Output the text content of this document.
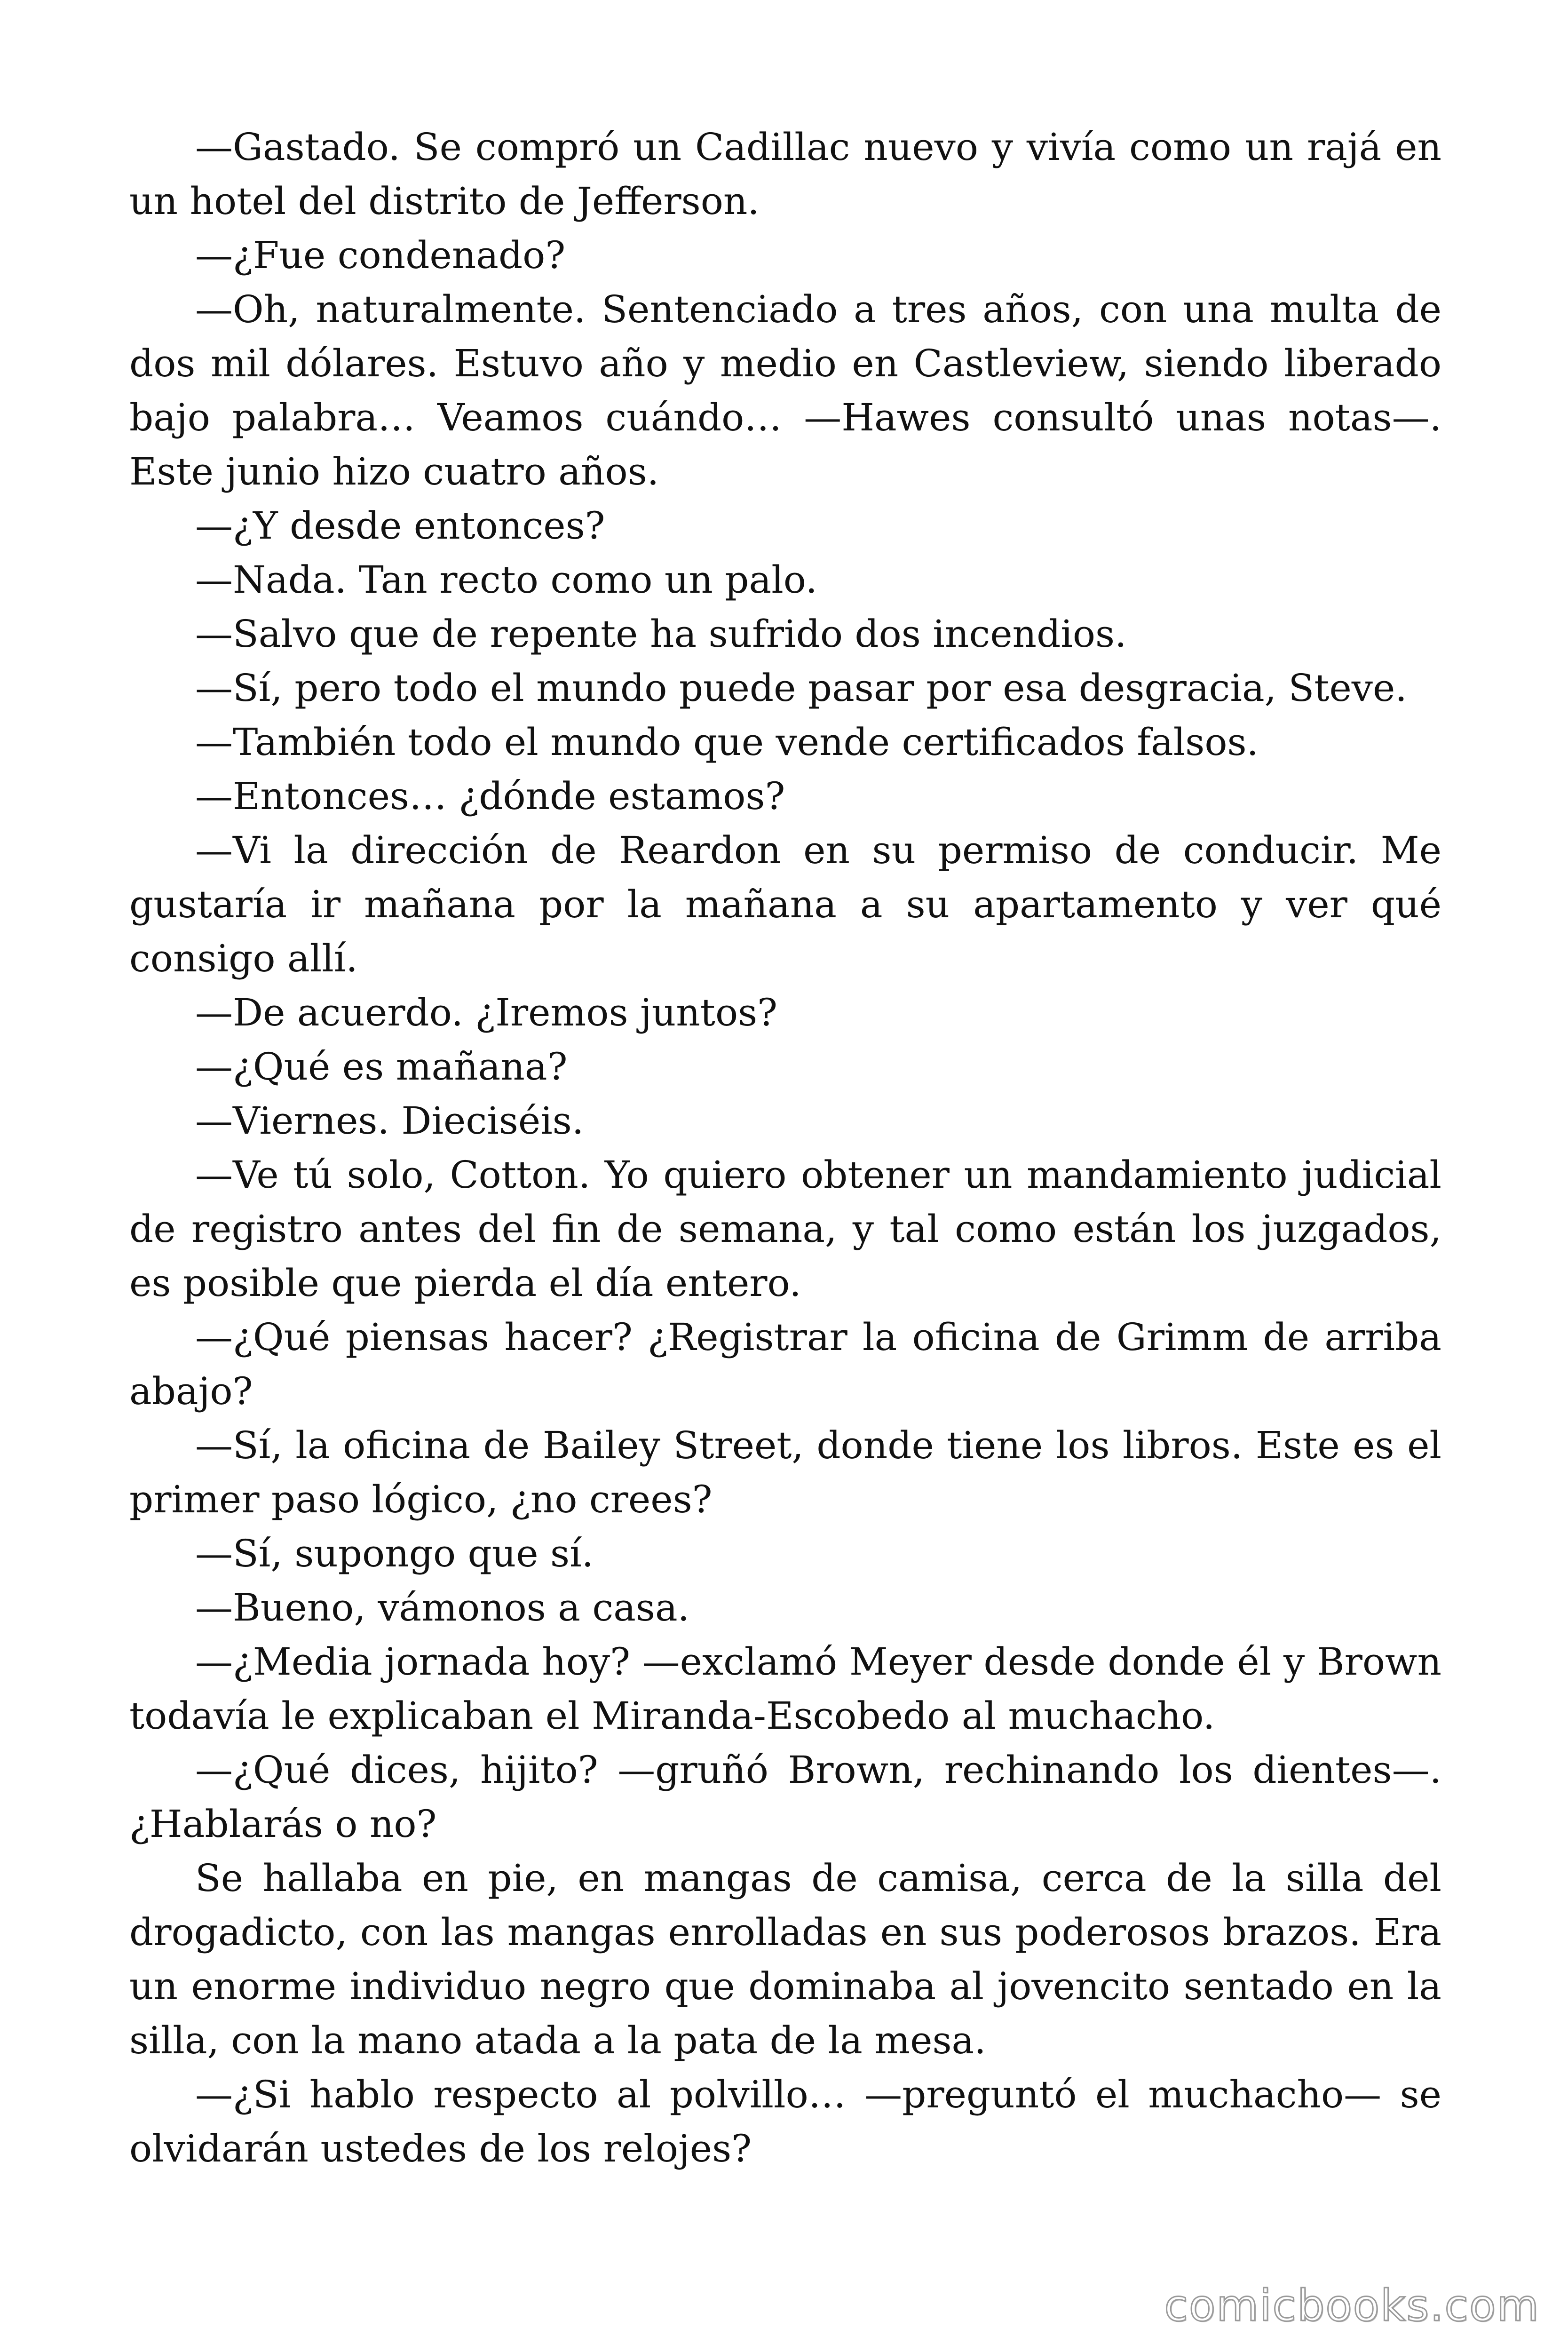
—Gastado. Se compró un Cadillac nuevo y vivía como un rajá en un hotel del distrito de Jefferson.

—¿Fue condenado?

—Oh, naturalmente. Sentenciado a tres años, con una multa de dos mil dólares. Estuvo año y medio en Castleview, siendo liberado bajo palabra… Veamos cuándo… —Hawes consultó unas notas—. Este junio hizo cuatro años.

—¿Y desde entonces?

—Nada. Tan recto como un palo.

—Salvo que de repente ha sufrido dos incendios.

—Sí, pero todo el mundo puede pasar por esa desgracia, Steve.

—También todo el mundo que vende certificados falsos.

—Entonces… ¿dónde estamos?

—Vi la dirección de Reardon en su permiso de conducir. Me gustaría ir mañana por la mañana a su apartamento y ver qué consigo allí.

—De acuerdo. ¿Iremos juntos?

—¿Qué es mañana?

—Viernes. Dieciséis.

—Ve tú solo, Cotton. Yo quiero obtener un mandamiento judicial de registro antes del fin de semana, y tal como están los juzgados, es posible que pierda el día entero.

—¿Qué piensas hacer? ¿Registrar la oficina de Grimm de arriba abajo?

—Sí, la oficina de Bailey Street, donde tiene los libros. Este es el primer paso lógico, ¿no crees?

—Sí, supongo que sí.

—Bueno, vámonos a casa.

—¿Media jornada hoy? —exclamó Meyer desde donde él y Brown todavía le explicaban el Miranda-Escobedo al muchacho.

—¿Qué dices, hijito? —gruñó Brown, rechinando los dientes—. ¿Hablarás o no?

Se hallaba en pie, en mangas de camisa, cerca de la silla del drogadicto, con las mangas enrolladas en sus poderosos brazos. Era un enorme individuo negro que dominaba al jovencito sentado en la silla, con la mano atada a la pata de la mesa.

—¿Si hablo respecto al polvillo… —preguntó el muchacho— se olvidarán ustedes de los relojes?

comicbooks.com
